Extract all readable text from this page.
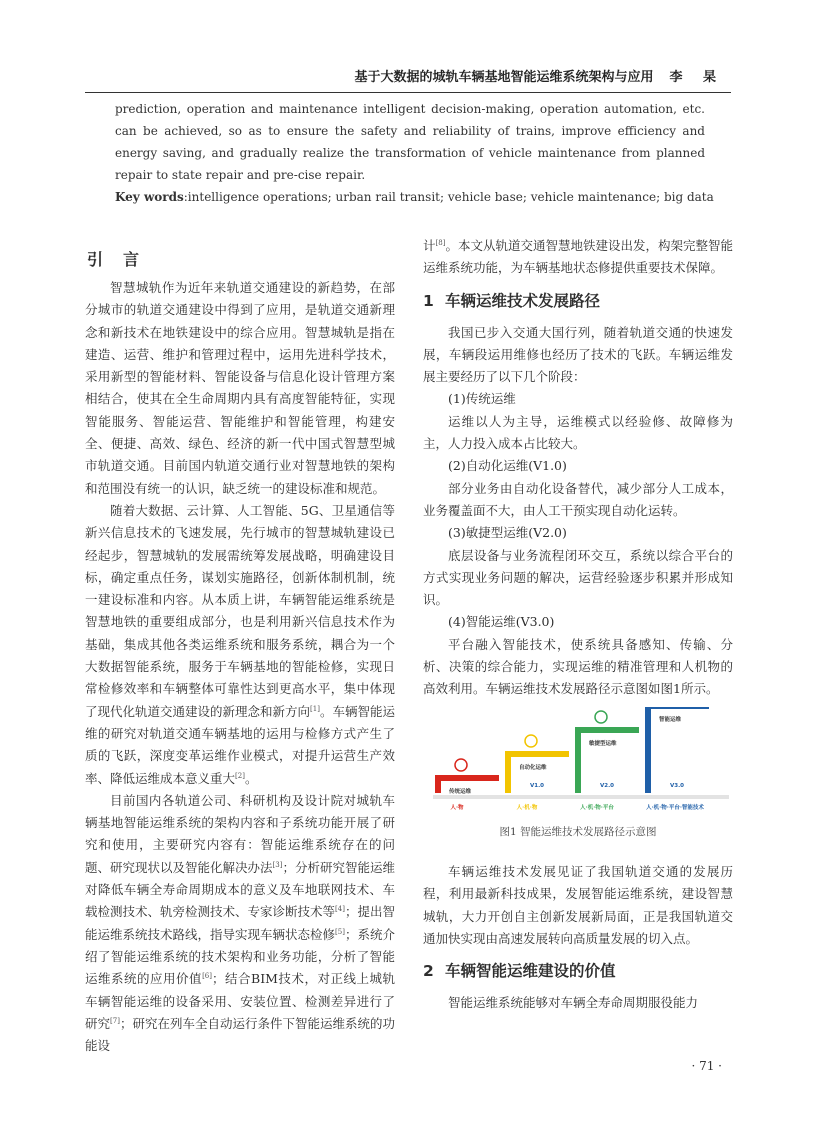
基于大数据的城轨车辆基地智能运维系统架构与应用 李 杲

prediction, operation and maintenance intelligent decision-making, operation automation, etc. can be achieved, so as to ensure the safety and reliability of trains, improve efficiency and energy saving, and gradually realize the transformation of vehicle maintenance from planned repair to state repair and pre-cise repair.

Key words:intelligence operations; urban rail transit; vehicle base; vehicle maintenance; big data
引言

智慧城轨作为近年来轨道交通建设的新趋势，在部分城市的轨道交通建设中得到了应用，是轨道交通新理念和新技术在地铁建设中的综合应用。智慧城轨是指在建造、运营、维护和管理过程中，运用先进科学技术，采用新型的智能材料、智能设备与信息化设计管理方案相结合，使其在全生命周期内具有高度智能特征，实现智能服务、智能运营、智能维护和智能管理，构建安全、便捷、高效、绿色、经济的新一代中国式智慧型城市轨道交通。目前国内轨道交通行业对智慧地铁的架构和范围没有统一的认识，缺乏统一的建设标准和规范。

随着大数据、云计算、人工智能、5G、卫星通信等新兴信息技术的飞速发展，先行城市的智慧城轨建设已经起步，智慧城轨的发展需统筹发展战略，明确建设目标，确定重点任务，谋划实施路径，创新体制机制，统一建设标准和内容。从本质上讲，车辆智能运维系统是智慧地铁的重要组成部分，也是利用新兴信息技术作为基础，集成其他各类运维系统和服务系统，耦合为一个大数据智能系统，服务于车辆基地的智能检修，实现日常检修效率和车辆整体可靠性达到更高水平，集中体现了现代化轨道交通建设的新理念和新方向[1]。车辆智能运维的研究对轨道交通车辆基地的运用与检修方式产生了质的飞跃，深度变革运维作业模式，对提升运营生产效率、降低运维成本意义重大[2]。

目前国内各轨道公司、科研机构及设计院对城轨车辆基地智能运维系统的架构内容和子系统功能开展了研究和使用，主要研究内容有：智能运维系统存在的问题、研究现状以及智能化解决办法[3]；分析研究智能运维对降低车辆全寿命周期成本的意义及车地联网技术、车载检测技术、轨旁检测技术、专家诊断技术等[4]；提出智能运维系统技术路线，指导实现车辆状态检修[5]；系统介绍了智能运维系统的技术架构和业务功能，分析了智能运维系统的应用价值[6]；结合BIM技术，对正线上城轨车辆智能运维的设备采用、安装位置、检测差异进行了研究[7]；研究在列车全自动运行条件下智能运维系统的功能设

计[8]。本文从轨道交通智慧地铁建设出发，构架完整智能运维系统功能，为车辆基地状态修提供重要技术保障。

1 车辆运维技术发展路径

我国已步入交通大国行列，随着轨道交通的快速发展，车辆段运用维修也经历了技术的飞跃。车辆运维发展主要经历了以下几个阶段：

(1)传统运维

运维以人为主导，运维模式以经验修、故障修为主，人力投入成本占比较大。

(2)自动化运维(V1.0)

部分业务由自动化设备替代，减少部分人工成本，业务覆盖面不大，由人工干预实现自动化运转。

(3)敏捷型运维(V2.0)

底层设备与业务流程闭环交互，系统以综合平台的方式实现业务问题的解决，运营经验逐步积累并形成知识。

(4)智能运维(V3.0)

平台融入智能技术，使系统具备感知、传输、分析、决策的综合能力，实现运维的精准管理和人机物的高效利用。车辆运维技术发展路径示意图如图1所示。

传统运维
人·物
自动化运维
V1.0
人·机·物
敏捷型运维
V2.0
人·机·物·平台
智能运维
V3.0
人·机·物·平台·智能技术
图1 智能运维技术发展路径示意图

车辆运维技术发展见证了我国轨道交通的发展历程，利用最新科技成果，发展智能运维系统，建设智慧城轨，大力开创自主创新发展新局面，正是我国轨道交通加快实现由高速发展转向高质量发展的切入点。

2 车辆智能运维建设的价值

智能运维系统能够对车辆全寿命周期服役能力

· 71 ·
